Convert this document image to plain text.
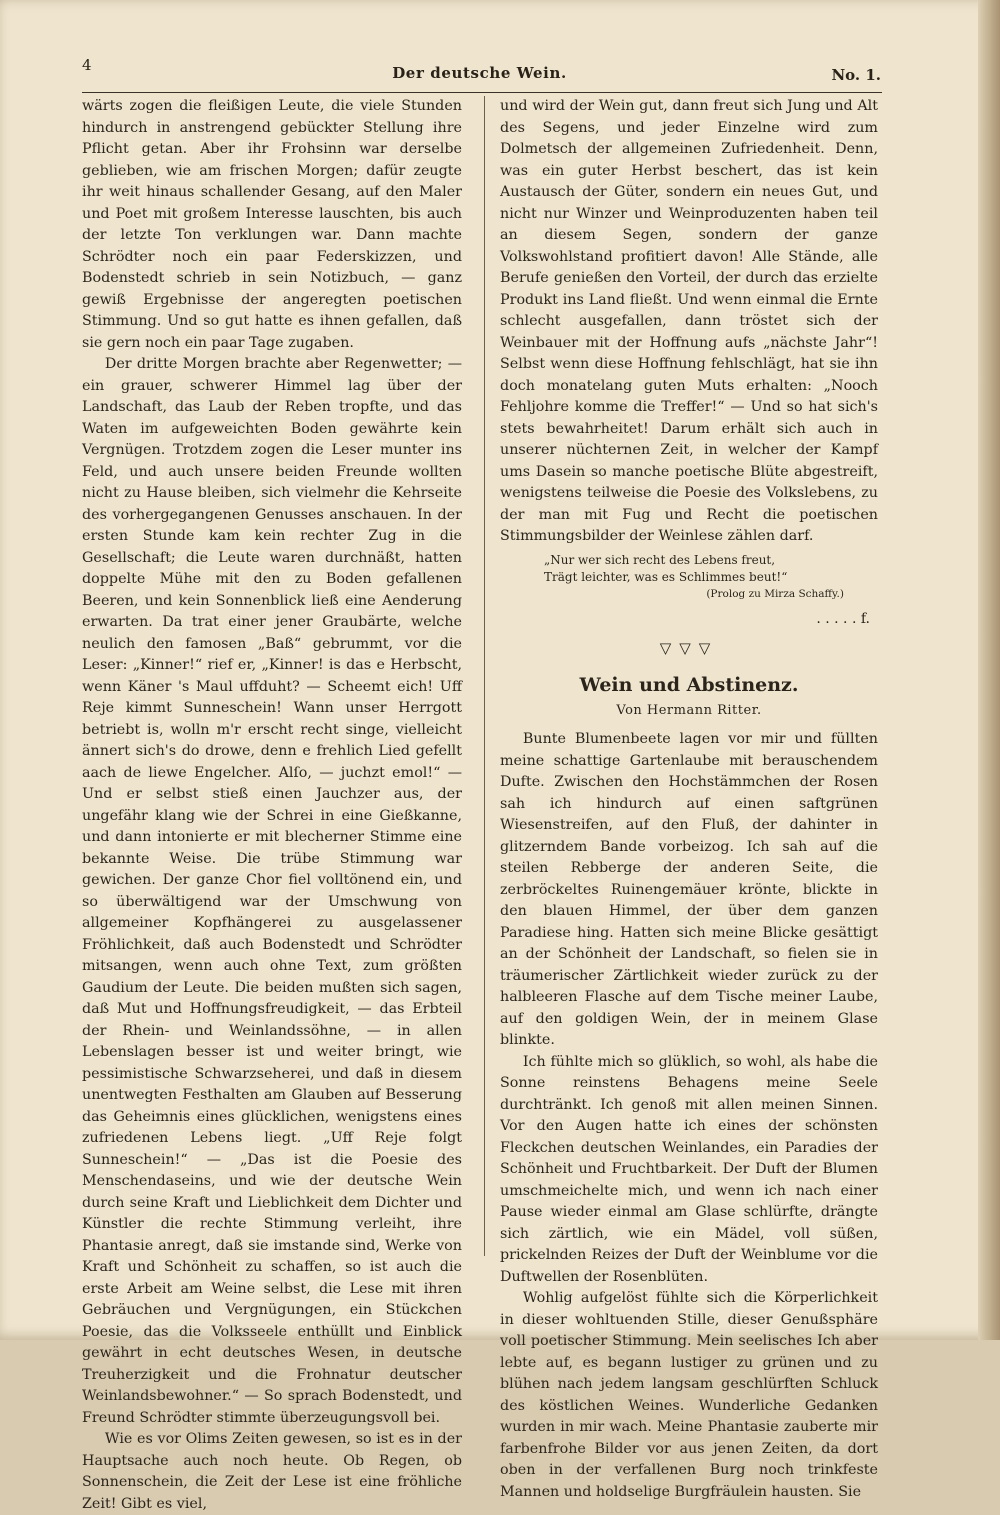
4	Der deutsche Wein.	No. 1.

wärts zogen die fleißigen Leute, die viele Stunden hindurch in anstrengend gebückter Stellung ihre Pflicht getan. Aber ihr Frohsinn war derselbe geblieben, wie am frischen Morgen; dafür zeugte ihr weit hinaus schallender Gesang, auf den Maler und Poet mit großem Interesse lauschten, bis auch der letzte Ton verklungen war. Dann machte Schrödter noch ein paar Federskizzen, und Bodenstedt schrieb in sein Notizbuch, — ganz gewiß Ergebnisse der angeregten poetischen Stimmung. Und so gut hatte es ihnen gefallen, daß sie gern noch ein paar Tage zugaben.

Der dritte Morgen brachte aber Regenwetter; — ein grauer, schwerer Himmel lag über der Landschaft, das Laub der Reben tropfte, und das Waten im aufgeweichten Boden gewährte kein Vergnügen. Trotzdem zogen die Leser munter ins Feld, und auch unsere beiden Freunde wollten nicht zu Hause bleiben, sich vielmehr die Kehrseite des vorhergegangenen Genusses anschauen. In der ersten Stunde kam kein rechter Zug in die Gesellschaft; die Leute waren durchnäßt, hatten doppelte Mühe mit den zu Boden gefallenen Beeren, und kein Sonnenblick ließ eine Aenderung erwarten. Da trat einer jener Graubärte, welche neulich den famosen „Baß“ gebrummt, vor die Leser: „Kinner!“ rief er, „Kinner! is das e Herbscht, wenn Käner 's Maul uffduht? — Scheemt eich! Uff Reje kimmt Sunneschein! Wann unser Herrgott betriebt is, wolln m'r erscht recht singe, vielleicht ännert sich's do drowe, denn e frehlich Lied gefellt aach de liewe Engelcher. Alſo, — juchzt emol!“ — Und er selbst stieß einen Jauchzer aus, der ungefähr klang wie der Schrei in eine Gießkanne, und dann intonierte er mit blecherner Stimme eine bekannte Weise. Die trübe Stimmung war gewichen. Der ganze Chor fiel volltönend ein, und so überwältigend war der Umschwung von allgemeiner Kopfhängerei zu ausgelassener Fröhlichkeit, daß auch Bodenstedt und Schrödter mitsangen, wenn auch ohne Text, zum größten Gaudium der Leute. Die beiden mußten sich sagen, daß Mut und Hoffnungsfreudigkeit, — das Erbteil der Rhein- und Weinlandssöhne, — in allen Lebenslagen besser ist und weiter bringt, wie pessimistische Schwarzseherei, und daß in diesem unentwegten Festhalten am Glauben auf Besserung das Geheimnis eines glücklichen, wenigstens eines zufriedenen Lebens liegt. „Uff Reje folgt Sunneschein!“ — „Das ist die Poesie des Menschendaseins, und wie der deutsche Wein durch seine Kraft und Lieblichkeit dem Dichter und Künstler die rechte Stimmung verleiht, ihre Phantasie anregt, daß sie imstande sind, Werke von Kraft und Schönheit zu schaffen, so ist auch die erste Arbeit am Weine selbst, die Lese mit ihren Gebräuchen und Vergnügungen, ein Stückchen Poesie, das die Volksseele enthüllt und Einblick gewährt in echt deutsches Wesen, in deutsche Treuherzigkeit und die Frohnatur deutscher Weinlandsbewohner.“ — So sprach Bodenstedt, und Freund Schrödter stimmte überzeugungsvoll bei.

Wie es vor Olims Zeiten gewesen, so ist es in der Hauptsache auch noch heute. Ob Regen, ob Sonnenschein, die Zeit der Lese ist eine fröhliche Zeit! Gibt es viel,

und wird der Wein gut, dann freut sich Jung und Alt des Segens, und jeder Einzelne wird zum Dolmetsch der allgemeinen Zufriedenheit. Denn, was ein guter Herbst beschert, das ist kein Austausch der Güter, sondern ein neues Gut, und nicht nur Winzer und Weinproduzenten haben teil an diesem Segen, sondern der ganze Volkswohlstand profitiert davon! Alle Stände, alle Berufe genießen den Vorteil, der durch das erzielte Produkt ins Land fließt. Und wenn einmal die Ernte schlecht ausgefallen, dann tröstet sich der Weinbauer mit der Hoffnung aufs „nächste Jahr“! Selbst wenn diese Hoffnung fehlschlägt, hat sie ihn doch monatelang guten Muts erhalten: „Nooch Fehljohre komme die Treffer!“ — Und so hat sich's stets bewahrheitet! Darum erhält sich auch in unserer nüchternen Zeit, in welcher der Kampf ums Dasein so manche poetische Blüte abgestreift, wenigstens teilweise die Poesie des Volkslebens, zu der man mit Fug und Recht die poetischen Stimmungsbilder der Weinlese zählen darf.

„Nur wer sich recht des Lebens freut,
Trägt leichter, was es Schlimmes beut!“
(Prolog zu Mirza Schaffy.)
. . . . . f.
▽▽▽
Wein und Abstinenz.
Von Hermann Ritter.

Bunte Blumenbeete lagen vor mir und füllten meine schattige Gartenlaube mit berauschendem Dufte. Zwischen den Hochstämmchen der Rosen sah ich hindurch auf einen saftgrünen Wiesenstreifen, auf den Fluß, der dahinter in glitzerndem Bande vorbeizog. Ich sah auf die steilen Rebberge der anderen Seite, die zerbröckeltes Ruinengemäuer krönte, blickte in den blauen Himmel, der über dem ganzen Paradiese hing. Hatten sich meine Blicke gesättigt an der Schönheit der Landschaft, so fielen sie in träumerischer Zärtlichkeit wieder zurück zu der halbleeren Flasche auf dem Tische meiner Laube, auf den goldigen Wein, der in meinem Glase blinkte.

Ich fühlte mich so glüklich, so wohl, als habe die Sonne reinstens Behagens meine Seele durchtränkt. Ich genoß mit allen meinen Sinnen. Vor den Augen hatte ich eines der schönsten Fleckchen deutschen Weinlandes, ein Paradies der Schönheit und Fruchtbarkeit. Der Duft der Blumen umschmeichelte mich, und wenn ich nach einer Pause wieder einmal am Glase schlürfte, drängte sich zärtlich, wie ein Mädel, voll süßen, prickelnden Reizes der Duft der Weinblume vor die Duftwellen der Rosenblüten.

Wohlig aufgelöst fühlte sich die Körperlichkeit in dieser wohltuenden Stille, dieser Genußsphäre voll poetischer Stimmung. Mein seelisches Ich aber lebte auf, es begann lustiger zu grünen und zu blühen nach jedem langsam geschlürften Schluck des köstlichen Weines. Wunderliche Gedanken wurden in mir wach. Meine Phantasie zauberte mir farbenfrohe Bilder vor aus jenen Zeiten, da dort oben in der verfallenen Burg noch trinkfeste Mannen und holdselige Burgfräulein hausten. Sie
